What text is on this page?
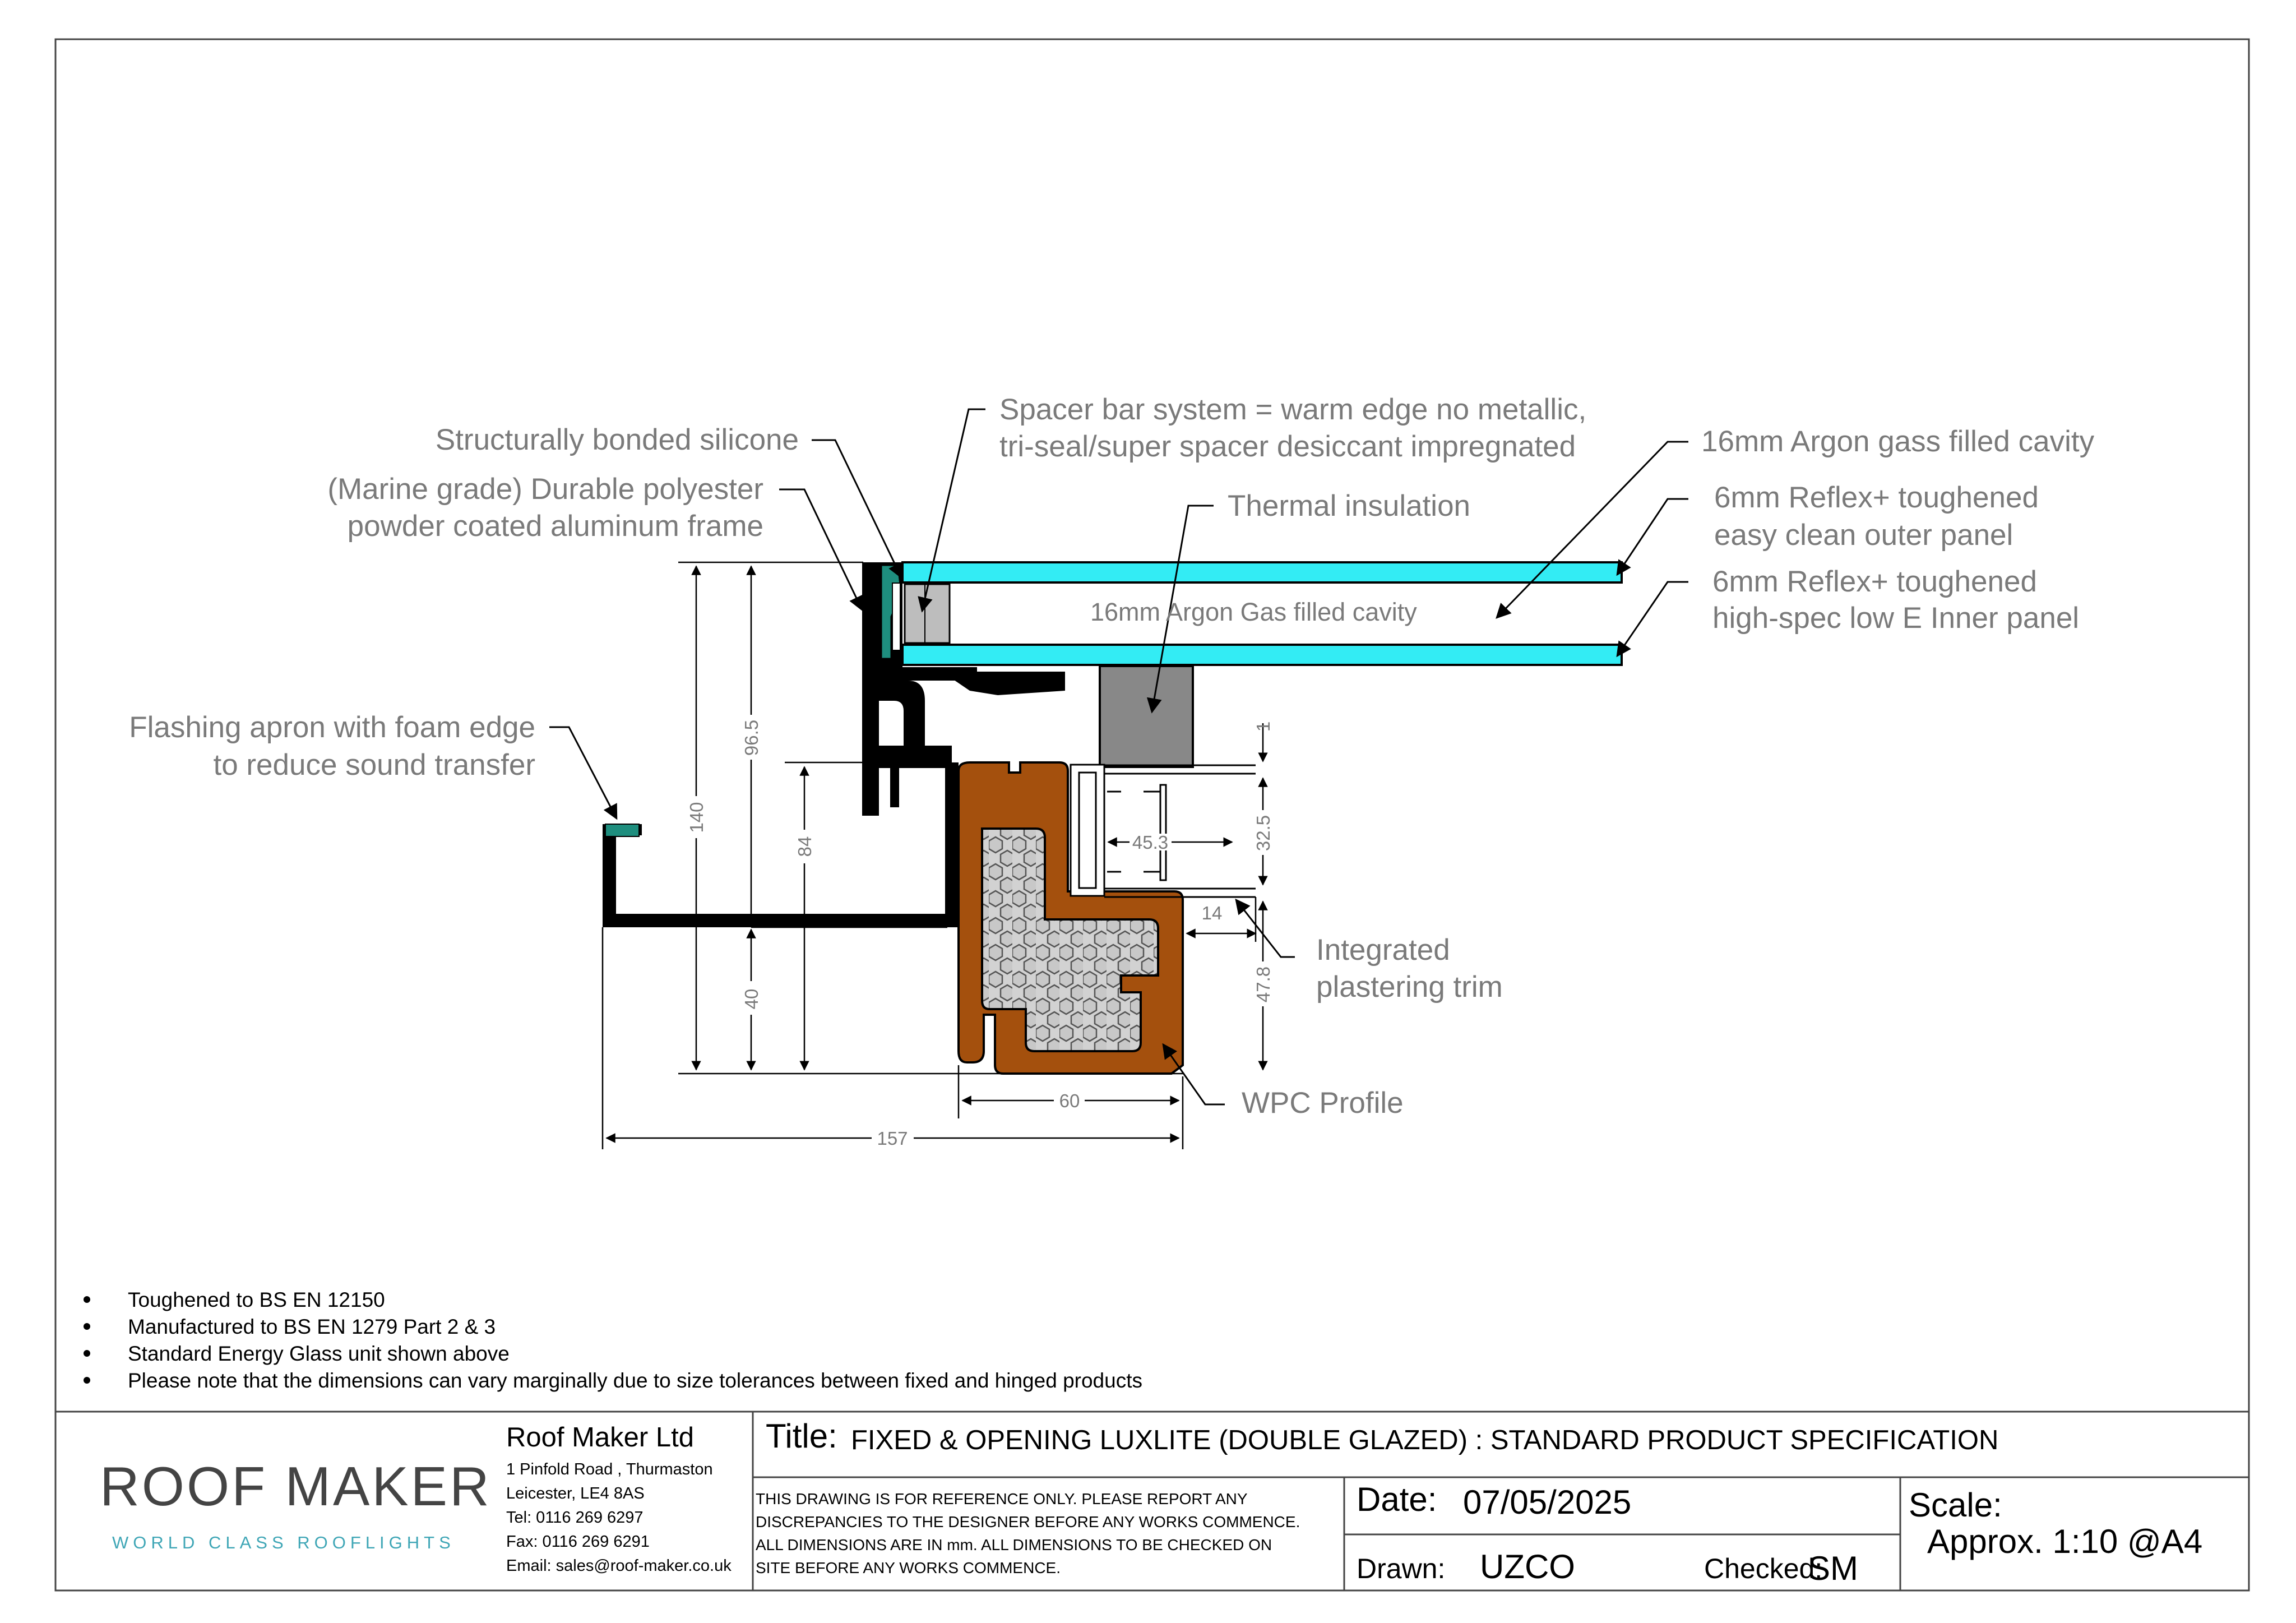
140
96.5
84
40
1
32.5
45.3
14
47.8
60
157
Structurally bonded silicone
(Marine grade) Durable polyester
powder coated aluminum frame
Flashing apron with foam edge
to reduce sound transfer
Spacer bar system = warm edge no metallic,
tri-seal/super spacer desiccant impregnated
Thermal insulation
16mm Argon gass filled cavity
6mm Reflex+ toughened
easy clean outer panel
6mm Reflex+ toughened
high-spec low E Inner panel
16mm Argon Gas filled cavity
Integrated
plastering trim
WPC Profile
Toughened to BS EN 12150
Manufactured to BS EN 1279 Part 2 & 3
Standard Energy Glass unit shown above
Please note that the dimensions can vary marginally due to size tolerances between fixed and hinged products
ROOF MAKER
WORLD CLASS ROOFLIGHTS
Roof Maker Ltd
1 Pinfold Road , Thurmaston
Leicester, LE4 8AS
Tel: 0116 269 6297
Fax: 0116 269 6291
Email: sales@roof-maker.co.uk
Title: FIXED & OPENING LUXLITE (DOUBLE GLAZED) : STANDARD PRODUCT SPECIFICATION
THIS DRAWING IS FOR REFERENCE ONLY. PLEASE REPORT ANY
DISCREPANCIES TO THE DESIGNER BEFORE ANY WORKS COMMENCE.
ALL DIMENSIONS ARE IN mm. ALL DIMENSIONS TO BE CHECKED ON
SITE BEFORE ANY WORKS COMMENCE.
Date: 07/05/2025
Drawn: UZCO	Checked:
SM
Scale:
Approx. 1:10 @A4
